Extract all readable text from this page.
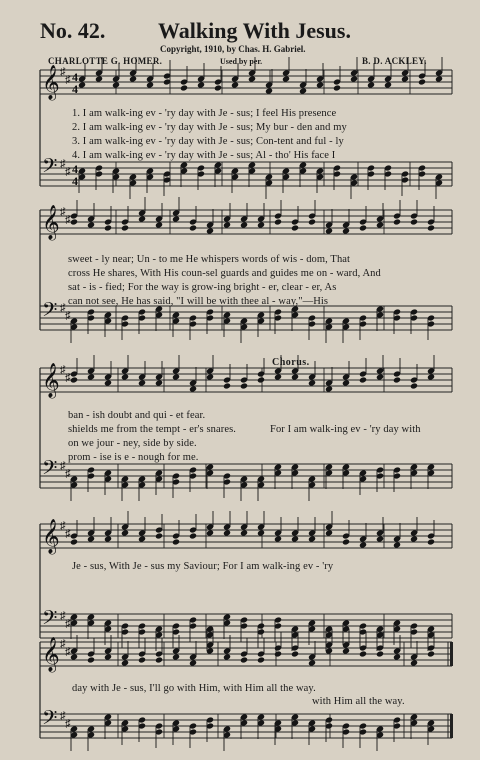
No. 42. Walking With Jesus.
Copyright, 1910, by Chas. H. Gabriel.
CHARLOTTE G. HOMER.	Used by per.	B. D. ACKLEY.
Chorus.
𝄞 ♯
♯
𝄢 ♯
♯
4
4
4
4
𝄞 ♯
♯
𝄢 ♯
♯
𝄞 ♯
♯
𝄢 ♯
♯
𝄞 ♯
♯
𝄢 ♯
♯
𝄞 ♯
♯
𝄢 ♯
♯
1. I am walk-ing ev - 'ry day with Je - sus; I feel His presence
2. I am walk-ing ev - 'ry day with Je - sus; My bur - den and my
3. I am walk-ing ev - 'ry day with Je - sus; Con-tent and ful - ly
4. I am walk-ing ev - 'ry day with Je - sus; Al - tho' His face I
sweet - ly near; Un - to me He whispers words of wis - dom, That
cross He shares, With His coun-sel guards and guides me on - ward, And
sat - is - fied; For the way is grow-ing bright - er, clear - er, As
can not see, He has said, "I will be with thee al - way,"—His
ban - ish doubt and qui - et fear.
shields me from the tempt - er's snares.
on we jour - ney, side by side.
prom - ise is e - nough for me.
For I am walk-ing ev - 'ry day with
Je - sus, With Je - sus my Saviour; For I am walk-ing ev - 'ry
day with Je - sus, I'll go with Him, with Him all the way.
with Him all the way.
